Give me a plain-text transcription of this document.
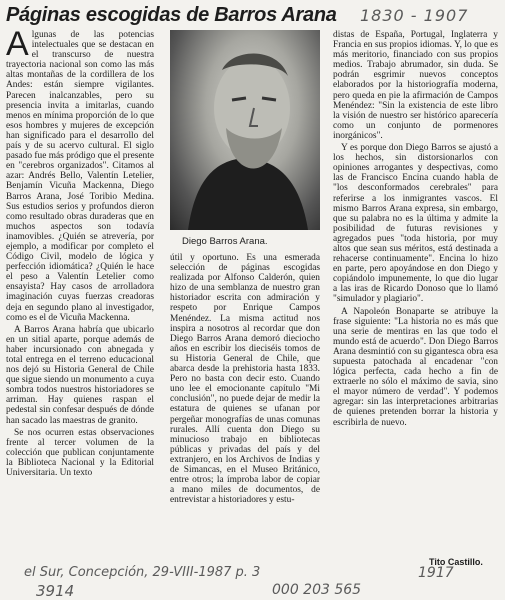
Páginas escogidas de Barros Arana 1830 - 1907

Algunas de las potencias intelectuales que se destacan en el transcurso de nuestra trayectoria nacional son como las más altas montañas de la cordillera de los Andes: están siempre vigilantes. Parecen inalcanzables, pero su presencia invita a imitarlas, cuando menos en mínima proporción de lo que esos hombres y mujeres de excepción han significado para el desarrollo del país y de su acervo cultural. El siglo pasado fue más pródigo que el presente en "cerebros organizados". Citamos al azar: Andrés Bello, Valentín Letelier, Benjamín Vicuña Mackenna, Diego Barros Arana, José Toribio Medina. Sus estudios serios y profundos dieron como resultado obras duraderas que en muchos aspectos son todavía inamovibles. ¿Quién se atrevería, por ejemplo, a modificar por completo el Código Civil, modelo de lógica y perfección idiomática? ¿Quién le hace el peso a Valentín Letelier como ensayista? Hay casos de arrolladora imaginación cuyas fuerzas creadoras deja en segundo plano al investigador, como es el de Vicuña Mackenna.

A Barros Arana habría que ubicarlo en un sitial aparte, porque además de haber incursionado con abnegada y total entrega en el terreno educacional nos dejó su Historia General de Chile que sigue siendo un monumento a cuya sombra todos nuestros historiadores se arriman. Hay quienes raspan el pedestal sin confesar después de dónde han sacado las maestras de granito.

Se nos ocurren estas observaciones frente al tercer volumen de la colección que publican conjuntamente la Biblioteca Nacional y la Editorial Universitaria. Un texto

Diego Barros Arana.

útil y oportuno. Es una esmerada selección de páginas escogidas realizada por Alfonso Calderón, quien hizo de una semblanza de nuestro gran historiador escrita con admiración y respeto por Enrique Campos Menéndez. La misma actitud nos inspira a nosotros al recordar que don Diego Barros Arana demoró dieciocho años en escribir los dieciséis tomos de su Historia General de Chile, que abarca desde la prehistoria hasta 1833. Pero no basta con decir esto. Cuando uno lee el emocionante capítulo "Mi conclusión", no puede dejar de medir la estatura de quienes se ufanan por pergeñar monografías de unas comunas rurales. Allí cuenta don Diego su minucioso trabajo en bibliotecas públicas y privadas del país y del extranjero, en los Archivos de Indias y de Simancas, en el Museo Británico, entre otros; la ímproba labor de copiar a mano miles de documentos, de entrevistar a historiadores y estu-

distas de España, Portugal, Inglaterra y Francia en sus propios idiomas. Y, lo que es más meritorio, financiado con sus propios medios. Trabajo abrumador, sin duda. Se podrán esgrimir nuevos conceptos elaborados por la historiografía moderna, pero queda en pie la afirmación de Campos Menéndez: "Sin la existencia de este libro la visión de nuestro ser histórico aparecería como un conjunto de pormenores inorgánicos".

Y es porque don Diego Barros se ajustó a los hechos, sin distorsionarlos con opiniones arrogantes y despectivas, como las de Francisco Encina cuando habla de "los desconformados cerebrales" para referirse a los inmigrantes vascos. El mismo Barros Arana expresa, sin embargo, que su palabra no es la última y admite la posibilidad de futuras revisiones y agregados pues "toda historia, por muy altos que sean sus méritos, está destinada a rehacerse continuamente". Encina lo hizo en parte, pero apoyándose en don Diego y copiándolo impunemente, lo que dio lugar a las iras de Ricardo Donoso que lo llamó "simulador y plagiario".

A Napoleón Bonaparte se atribuye la frase siguiente: "La historia no es más que una serie de mentiras en las que todo el mundo está de acuerdo". Don Diego Barros Arana desmintió con su gigantesca obra esa supuesta patochada al encadenar "con lógica perfecta, cada hecho a fin de extraerle no sólo el máximo de savia, sino el mayor número de verdad". Y podemos agregar: sin las interpretaciones arbitrarias de quienes pretenden borrar la historia y escribirla de nuevo.

Tito Castillo.
el Sur, Concepción, 29-VIII-1987 p. 3	1917
3914	000 203 565
